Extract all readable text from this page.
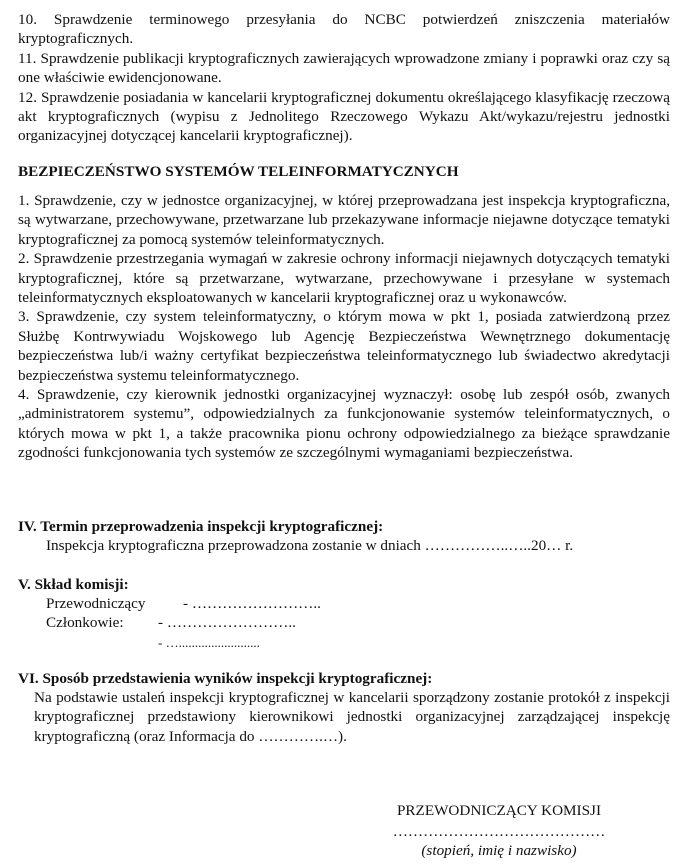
10. Sprawdzenie terminowego przesyłania do NCBC potwierdzeń zniszczenia materiałów kryptograficznych.

11. Sprawdzenie publikacji kryptograficznych zawierających wprowadzone zmiany i poprawki oraz czy są one właściwie ewidencjonowane.

12. Sprawdzenie posiadania w kancelarii kryptograficznej dokumentu określającego klasyfikację rzeczową akt kryptograficznych (wypisu z Jednolitego Rzeczowego Wykazu Akt/wykazu/rejestru jednostki organizacyjnej dotyczącej kancelarii kryptograficznej).

BEZPIECZEŃSTWO SYSTEMÓW TELEINFORMATYCZNYCH

1. Sprawdzenie, czy w jednostce organizacyjnej, w której przeprowadzana jest inspekcja kryptograficzna, są wytwarzane, przechowywane, przetwarzane lub przekazywane informacje niejawne dotyczące tematyki kryptograficznej za pomocą systemów teleinformatycznych.

2. Sprawdzenie przestrzegania wymagań w zakresie ochrony informacji niejawnych dotyczących tematyki kryptograficznej, które są przetwarzane, wytwarzane, przechowywane i przesyłane w systemach teleinformatycznych eksploatowanych w kancelarii kryptograficznej oraz u wykonawców.

3. Sprawdzenie, czy system teleinformatyczny, o którym mowa w pkt 1, posiada zatwierdzoną przez Służbę Kontrwywiadu Wojskowego lub Agencję Bezpieczeństwa Wewnętrznego dokumentację bezpieczeństwa lub/i ważny certyfikat bezpieczeństwa teleinformatycznego lub świadectwo akredytacji bezpieczeństwa systemu teleinformatycznego.

4. Sprawdzenie, czy kierownik jednostki organizacyjnej wyznaczył: osobę lub zespół osób, zwanych „administratorem systemu”, odpowiedzialnych za funkcjonowanie systemów teleinformatycznych, o których mowa w pkt 1, a także pracownika pionu ochrony odpowiedzialnego za bieżące sprawdzanie zgodności funkcjonowania tych systemów ze szczególnymi wymaganiami bezpieczeństwa.

IV. Termin przeprowadzenia inspekcji kryptograficznej:

Inspekcja kryptograficzna przeprowadzona zostanie w dniach ……………..…..20… r.

V. Skład komisji:

Przewodniczący - ……………………..

Członkowie: - ……………………..

- ….........................

VI. Sposób przedstawienia wyników inspekcji kryptograficznej:

Na podstawie ustaleń inspekcji kryptograficznej w kancelarii sporządzony zostanie protokół z inspekcji kryptograficznej przedstawiony kierownikowi jednostki organizacyjnej zarządzającej inspekcję kryptograficzną (oraz Informacja do ………….…).

PRZEWODNICZĄCY KOMISJI

……………………………………

(stopień, imię i nazwisko)
